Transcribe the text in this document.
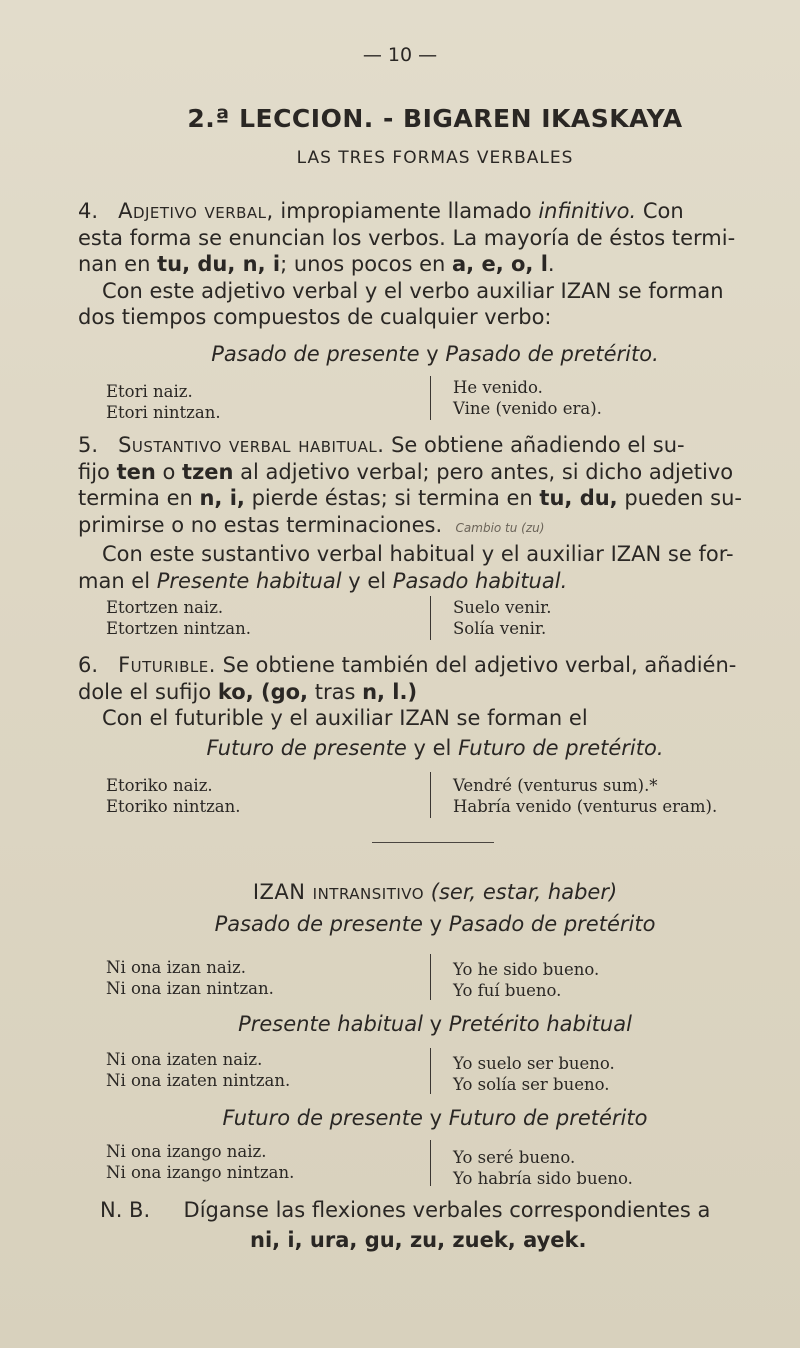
— 10 —
2.ª LECCION. - BIGAREN IKASKAYA
LAS TRES FORMAS VERBALES
4. Adjetivo verbal, impropiamente llamado infinitivo. Con
esta forma se enuncian los verbos. La mayoría de éstos termi-
nan en tu, du, n, i; unos pocos en a, e, o, l.
Con este adjetivo verbal y el verbo auxiliar IZAN se forman
dos tiempos compuestos de cualquier verbo:
Pasado de presente y Pasado de pretérito.
Etori naiz.
Etori nintzan.
He venido.
Vine (venido era).
5. Sustantivo verbal habitual. Se obtiene añadiendo el su-
fijo ten o tzen al adjetivo verbal; pero antes, si dicho adjetivo
termina en n, i, pierde éstas; si termina en tu, du, pueden su-
primirse o no estas terminaciones. Cambio tu (zu)
Con este sustantivo verbal habitual y el auxiliar IZAN se for-
man el Presente habitual y el Pasado habitual.
Etortzen naiz.
Etortzen nintzan.
Suelo venir.
Solía venir.
6. Futurible. Se obtiene también del adjetivo verbal, añadién-
dole el sufijo ko, (go, tras n, l.)
Con el futurible y el auxiliar IZAN se forman el
Futuro de presente y el Futuro de pretérito.
Etoriko naiz.
Etoriko nintzan.
Vendré (venturus sum).*
Habría venido (venturus eram).
IZAN intransitivo (ser, estar, haber)
Pasado de presente y Pasado de pretérito
Ni ona izan naiz.
Ni ona izan nintzan.
Yo he sido bueno.
Yo fuí bueno.
Presente habitual y Pretérito habitual
Ni ona izaten naiz.
Ni ona izaten nintzan.
Yo suelo ser bueno.
Yo solía ser bueno.
Futuro de presente y Futuro de pretérito
Ni ona izango naiz.
Ni ona izango nintzan.
Yo seré bueno.
Yo habría sido bueno.
N. B. Díganse las flexiones verbales correspondientes a
ni, i, ura, gu, zu, zuek, ayek.
